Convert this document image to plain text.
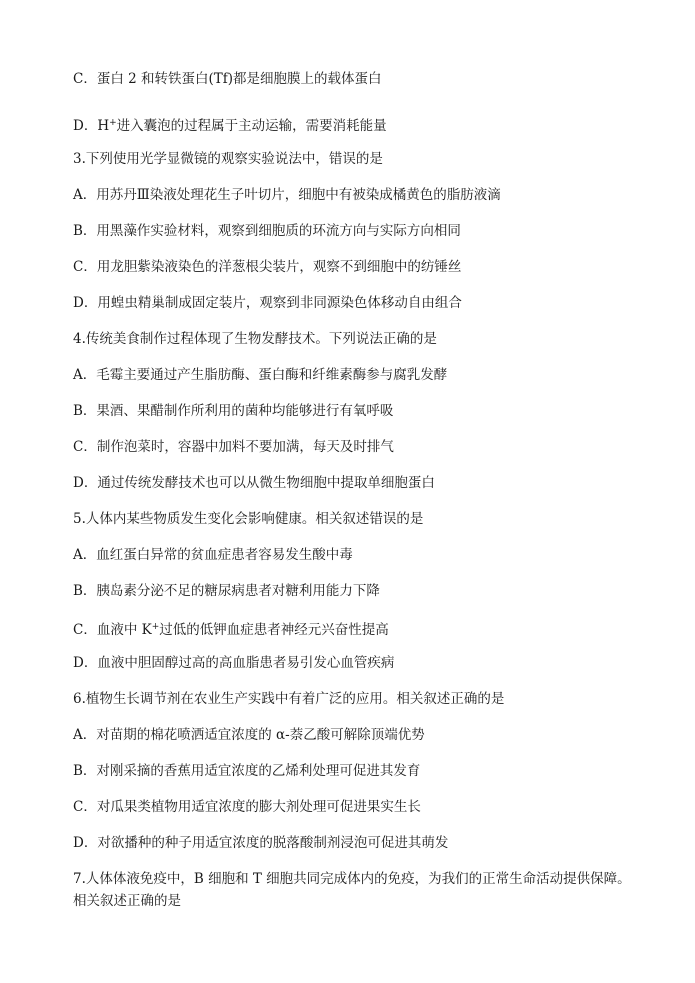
C．蛋白 2 和转铁蛋白(Tf)都是细胞膜上的载体蛋白
D．H+进入囊泡的过程属于主动运输，需要消耗能量
3.下列使用光学显微镜的观察实验说法中，错误的是
A．用苏丹Ⅲ染液处理花生子叶切片，细胞中有被染成橘黄色的脂肪液滴
B．用黑藻作实验材料，观察到细胞质的环流方向与实际方向相同
C．用龙胆紫染液染色的洋葱根尖装片，观察不到细胞中的纺锤丝
D．用蝗虫精巢制成固定装片，观察到非同源染色体移动自由组合
4.传统美食制作过程体现了生物发酵技术。下列说法正确的是
A．毛霉主要通过产生脂肪酶、蛋白酶和纤维素酶参与腐乳发酵
B．果酒、果醋制作所利用的菌种均能够进行有氧呼吸
C．制作泡菜时，容器中加料不要加满，每天及时排气
D．通过传统发酵技术也可以从微生物细胞中提取单细胞蛋白
5.人体内某些物质发生变化会影响健康。相关叙述错误的是
A．血红蛋白异常的贫血症患者容易发生酸中毒
B．胰岛素分泌不足的糖尿病患者对糖利用能力下降
C．血液中 K+过低的低钾血症患者神经元兴奋性提高
D．血液中胆固醇过高的高血脂患者易引发心血管疾病
6.植物生长调节剂在农业生产实践中有着广泛的应用。相关叙述正确的是
A．对苗期的棉花喷洒适宜浓度的 α-萘乙酸可解除顶端优势
B．对刚采摘的香蕉用适宜浓度的乙烯利处理可促进其发育
C．对瓜果类植物用适宜浓度的膨大剂处理可促进果实生长
D．对欲播种的种子用适宜浓度的脱落酸制剂浸泡可促进其萌发
7.人体体液免疫中，B 细胞和 T 细胞共同完成体内的免疫，为我们的正常生命活动提供保障。
相关叙述正确的是
